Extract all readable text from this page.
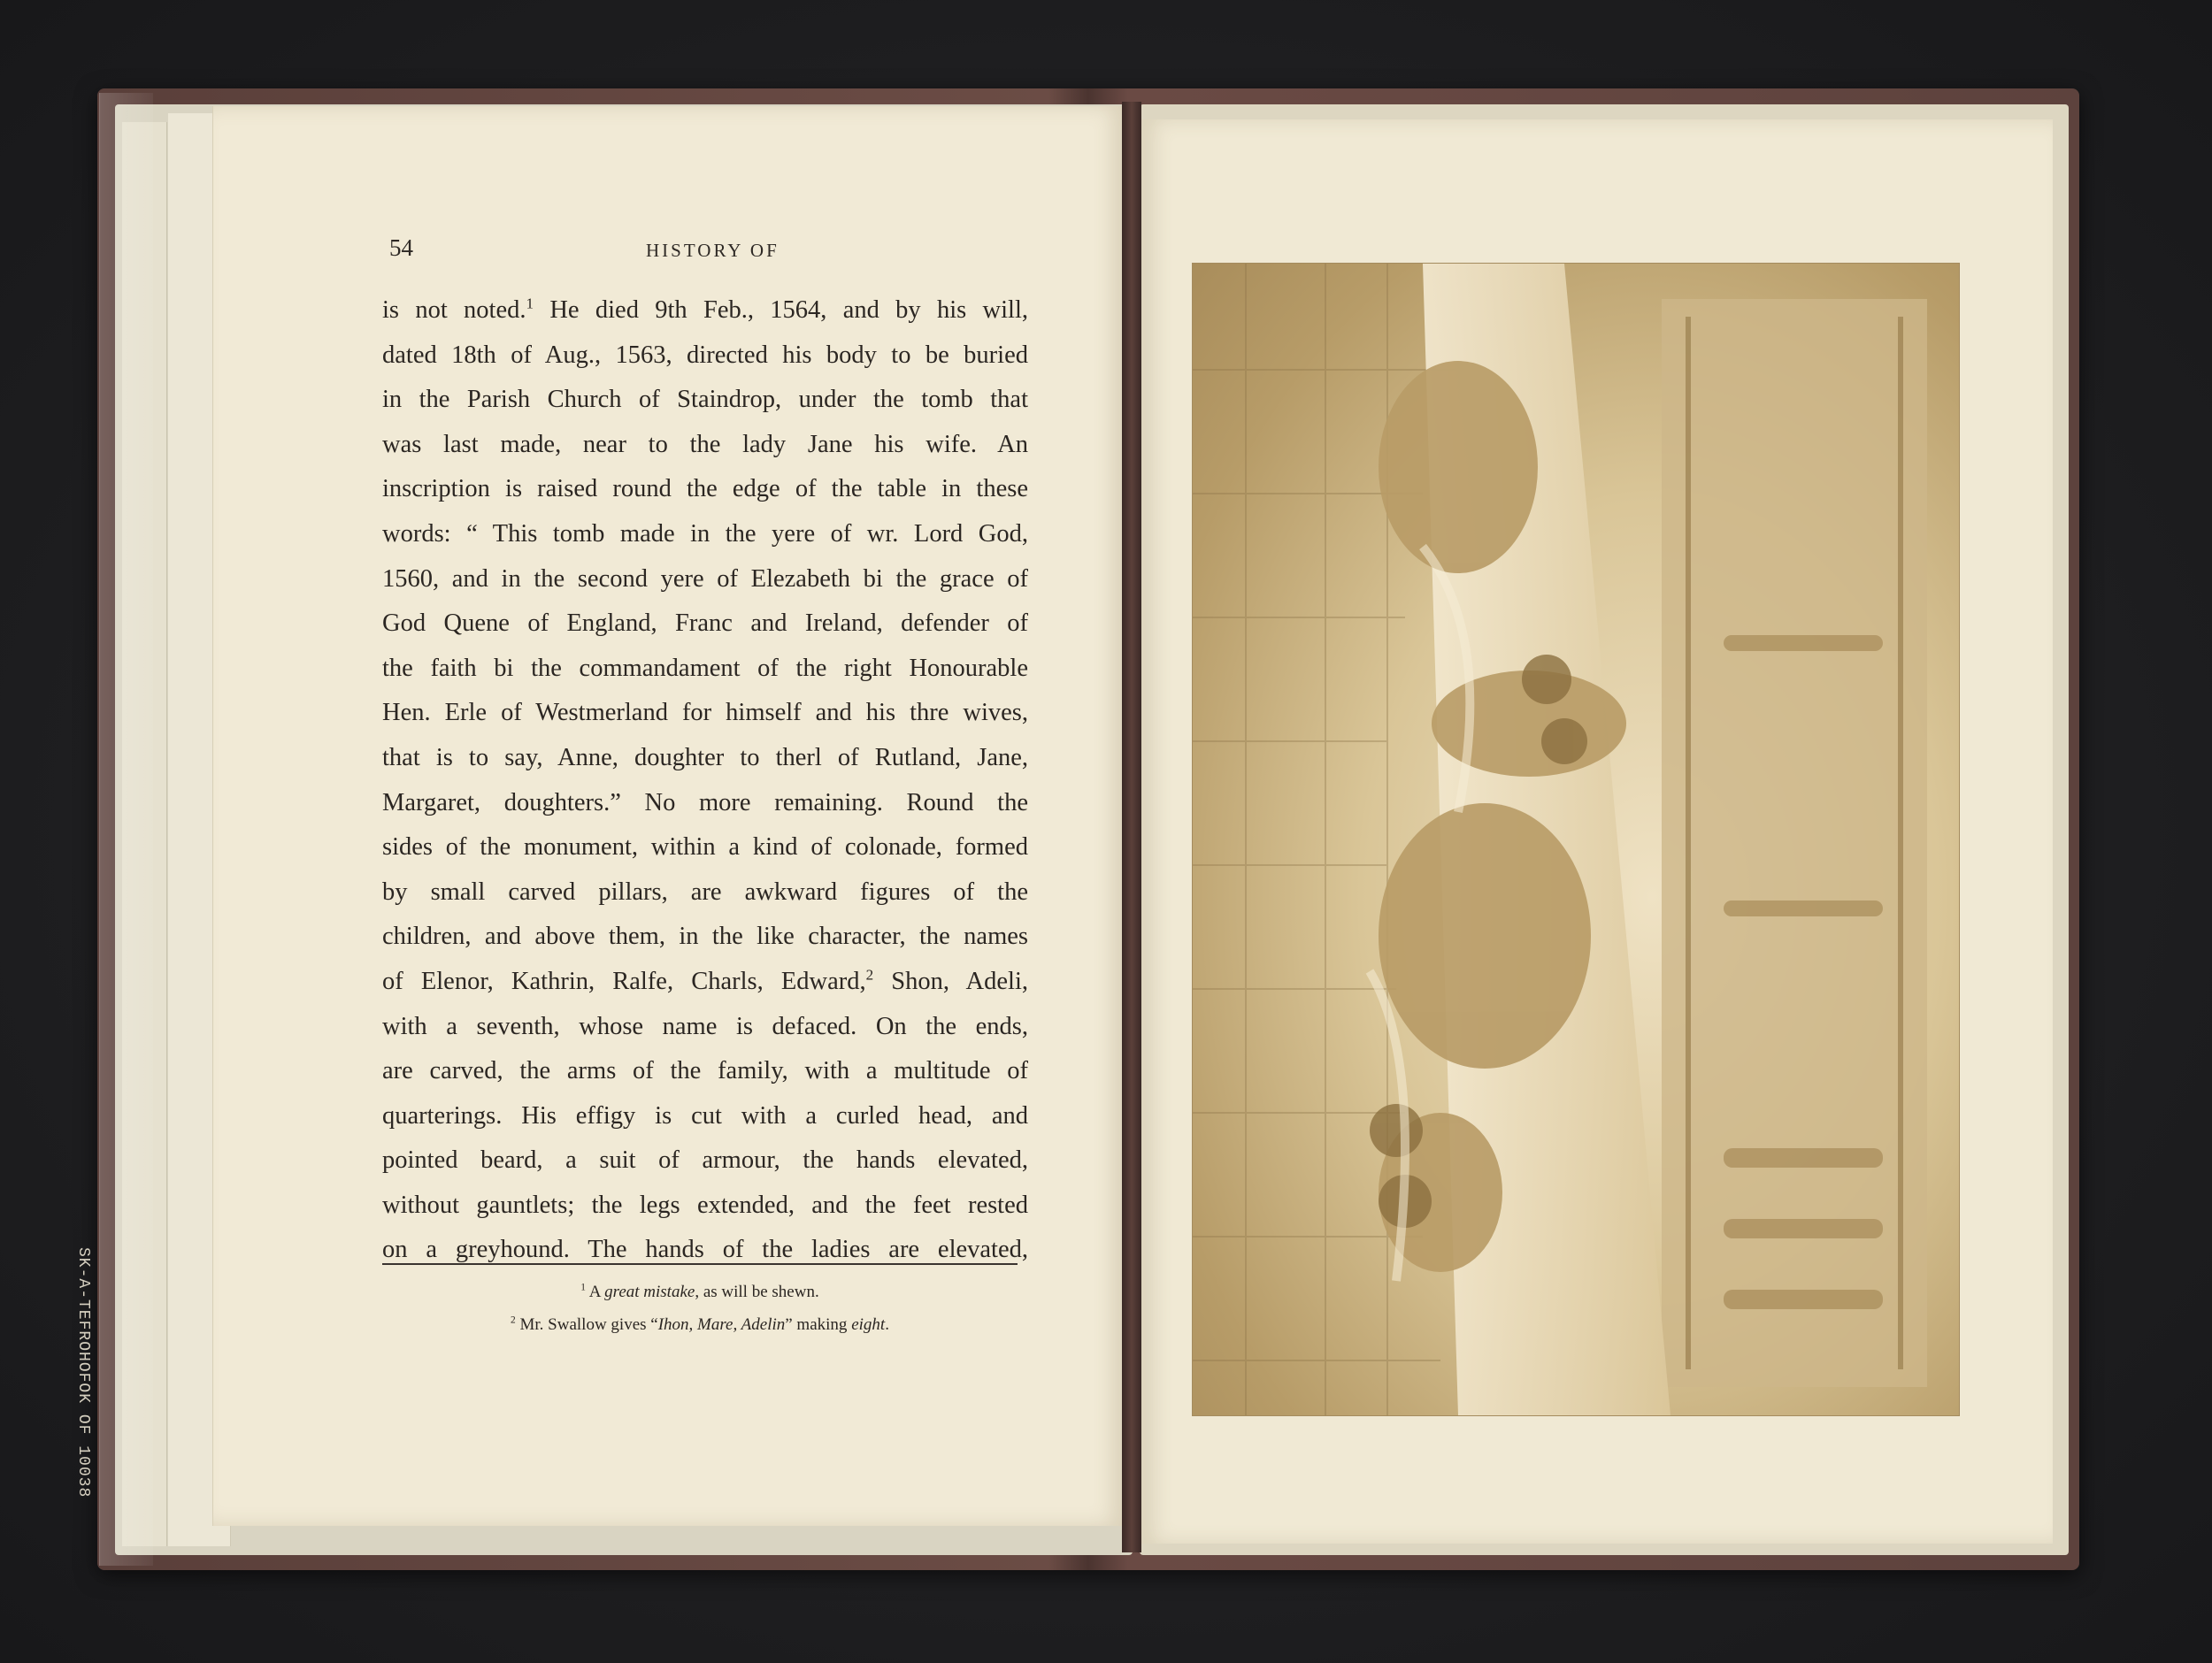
SK-A-TEFROHOFOK OF 10038
54	HISTORY OF
is not noted.$^1$ He died 9th Feb., 1564, and by his will,
dated 18th of Aug., 1563, directed his body to be buried
in the Parish Church of Staindrop, under the tomb that
was last made, near to the lady Jane his wife. An
inscription is raised round the edge of the table in these
words: “ This tomb made in the yere of wr. Lord God,
1560, and in the second yere of Elezabeth bi the grace of
God Quene of England, Franc and Ireland, defender of
the faith bi the commandament of the right Honourable
Hen. Erle of Westmerland for himself and his thre wives,
that is to say, Anne, doughter to therl of Rutland, Jane,
Margaret, doughters.” No more remaining. Round the
sides of the monument, within a kind of colonade, formed
by small carved pillars, are awkward figures of the
children, and above them, in the like character, the names
of Elenor, Kathrin, Ralfe, Charls, Edward,$^2$ Shon, Adeli,
with a seventh, whose name is defaced. On the ends,
are carved, the arms of the family, with a multitude of
quarterings. His effigy is cut with a curled head, and
pointed beard, a suit of armour, the hands elevated,
without gauntlets; the legs extended, and the feet rested
on a greyhound. The hands of the ladies are elevated,
$^1$ A great mistake, as will be shewn.
$^2$ Mr. Swallow gives “Ihon, Mare, Adelin” making eight.
